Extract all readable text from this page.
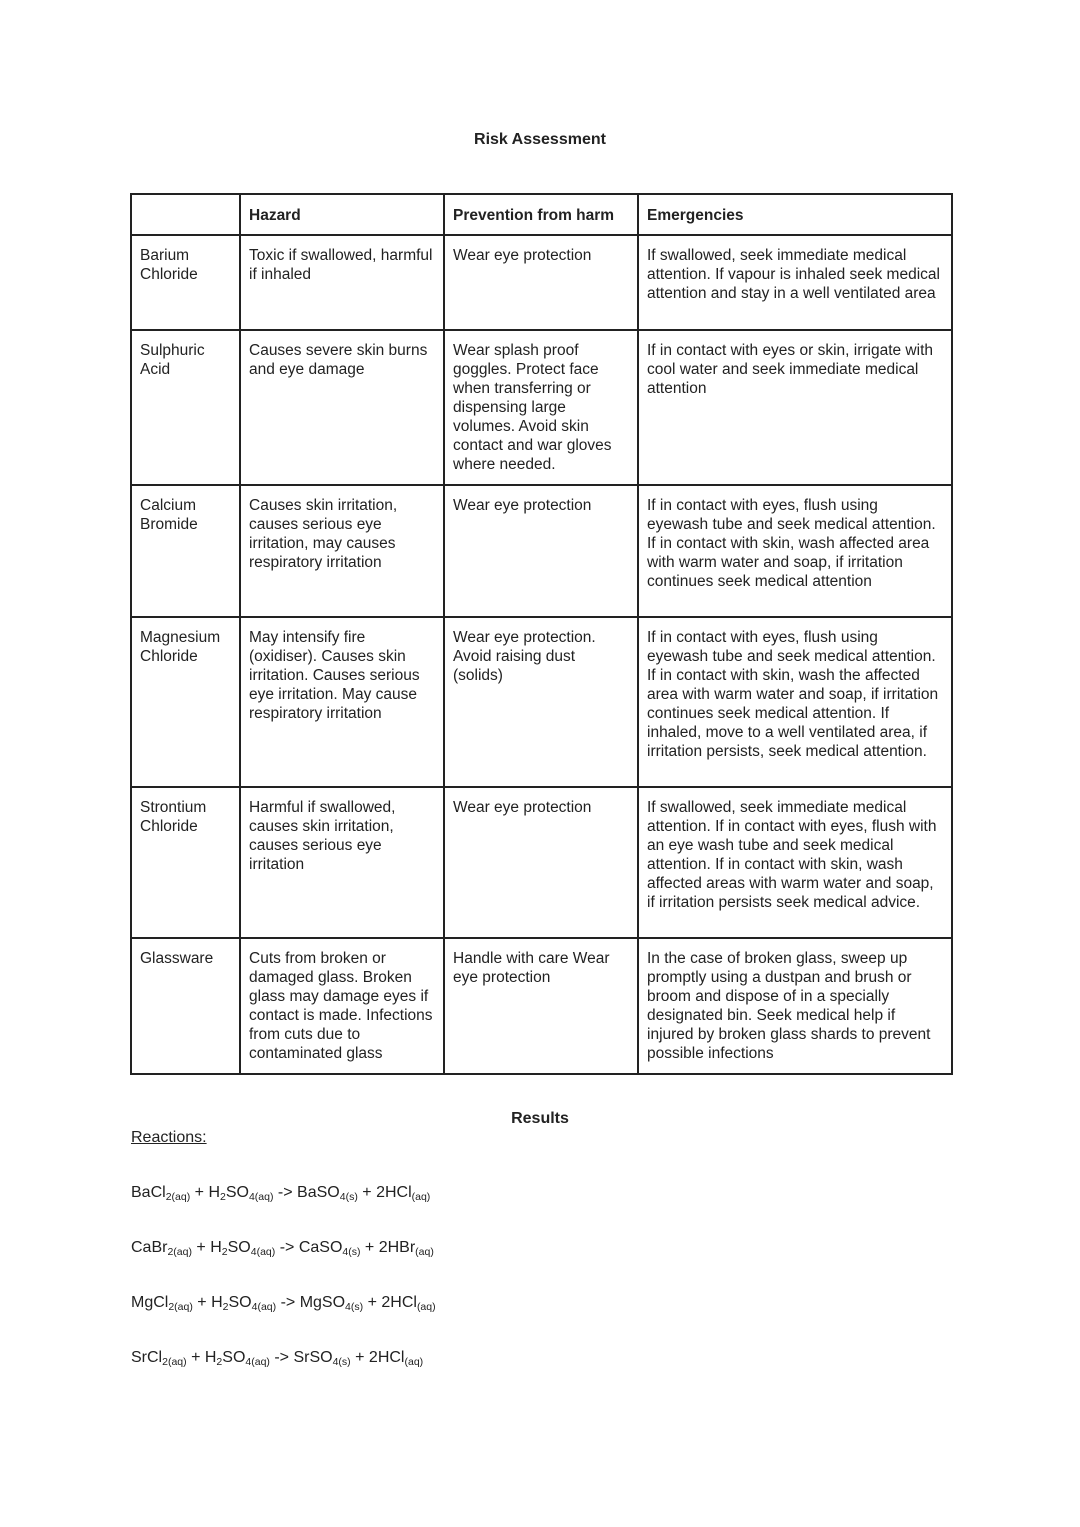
Risk Assessment
	Hazard	Prevention from harm	Emergencies
Barium Chloride	Toxic if swallowed, harmful if inhaled	Wear eye protection	If swallowed, seek immediate medical attention. If vapour is inhaled seek medical attention and stay in a well ventilated area
Sulphuric Acid	Causes severe skin burns and eye damage	Wear splash proof goggles. Protect face when transferring or dispensing large volumes. Avoid skin contact and war gloves where needed.	If in contact with eyes or skin, irrigate with cool water and seek immediate medical attention
Calcium Bromide	Causes skin irritation, causes serious eye irritation, may causes respiratory irritation	Wear eye protection	If in contact with eyes, flush using eyewash tube and seek medical attention. If in contact with skin, wash affected area with warm water and soap, if irritation continues seek medical attention
Magnesium Chloride	May intensify fire (oxidiser). Causes skin irritation. Causes serious eye irritation. May cause respiratory irritation	Wear eye protection. Avoid raising dust (solids)	If in contact with eyes, flush using eyewash tube and seek medical attention. If in contact with skin, wash the affected area with warm water and soap, if irritation continues seek medical attention. If inhaled, move to a well ventilated area, if irritation persists, seek medical attention.
Strontium Chloride	Harmful if swallowed, causes skin irritation, causes serious eye irritation	Wear eye protection	If swallowed, seek immediate medical attention. If in contact with eyes, flush with an eye wash tube and seek medical attention. If in contact with skin, wash affected areas with warm water and soap, if irritation persists seek medical advice.
Glassware	Cuts from broken or damaged glass. Broken glass may damage eyes if contact is made. Infections from cuts due to contaminated glass	Handle with care Wear eye protection	In the case of broken glass, sweep up promptly using a dustpan and brush or broom and dispose of in a specially designated bin. Seek medical help if injured by broken glass shards to prevent possible infections
Results
Reactions:
BaCl$_{2(aq)}$ + $H_2SO_{4(aq)}$ -> BaSO$_{4(s)}$ + 2HCl$_{(aq)}$
CaBr$_{2(aq)}$ + $H_2SO_{4(aq)}$ -> CaSO$_{4(s)}$ + 2HBr$_{(aq)}$
MgCl$_{2(aq)}$ + $H_2SO_{4(aq)}$ -> MgSO$_{4(s)}$ + 2HCl$_{(aq)}$
SrCl$_{2(aq)}$ + $H_2SO_{4(aq)}$ -> SrSO$_{4(s)}$ + 2HCl$_{(aq)}$
